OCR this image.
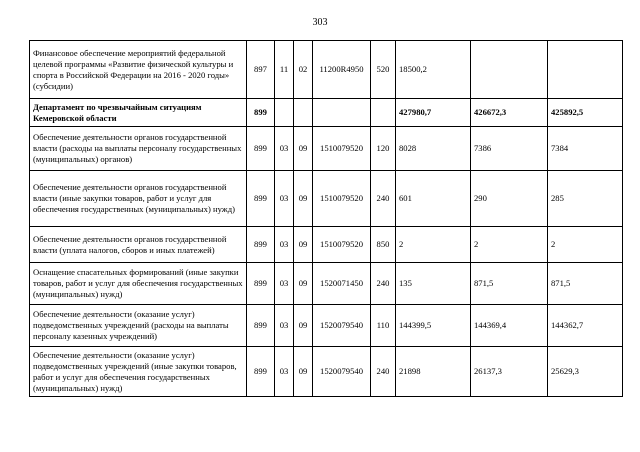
303
Финансовое обеспечение мероприятий федеральной целевой программы «Развитие физической культуры и спорта в Российской Федерации на 2016 - 2020 годы» (субсидии)	897	11	02	11200R4950	520	18500,2		
Департамент по чрезвычайным ситуациям Кемеровской области	899					427980,7	426672,3	425892,5
Обеспечение деятельности органов государственной власти (расходы на выплаты персоналу государственных (муниципальных) органов)	899	03	09	1510079520	120	8028	7386	7384
Обеспечение деятельности органов государственной власти (иные закупки товаров, работ и услуг для обеспечения государственных (муниципальных) нужд)	899	03	09	1510079520	240	601	290	285
Обеспечение деятельности органов государственной власти (уплата налогов, сборов и иных платежей)	899	03	09	1510079520	850	2	2	2
Оснащение спасательных формирований (иные закупки товаров, работ и услуг для обеспечения государственных (муниципальных) нужд)	899	03	09	1520071450	240	135	871,5	871,5
Обеспечение деятельности (оказание услуг) подведомственных учреждений (расходы на выплаты персоналу казенных учреждений)	899	03	09	1520079540	110	144399,5	144369,4	144362,7
Обеспечение деятельности (оказание услуг) подведомственных учреждений (иные закупки товаров, работ и услуг для обеспечения государственных (муниципальных) нужд)	899	03	09	1520079540	240	21898	26137,3	25629,3
